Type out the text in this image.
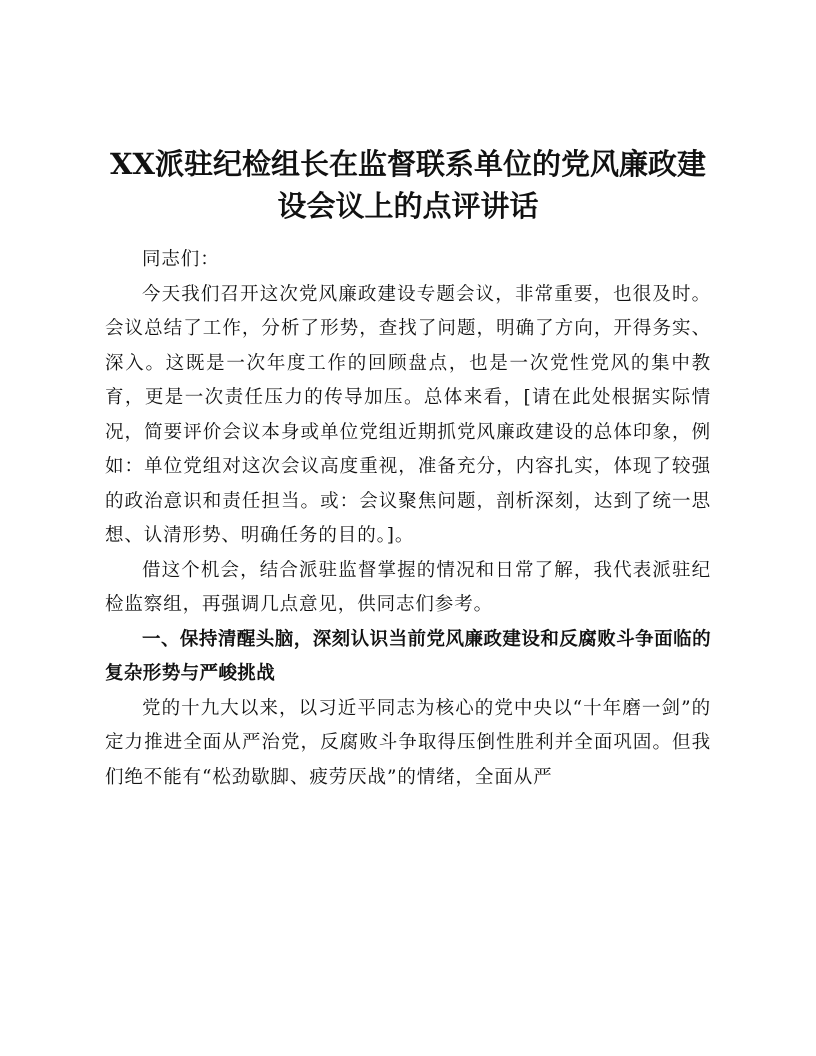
XX派驻纪检组长在监督联系单位的党风廉政建设会议上的点评讲话

同志们：

今天我们召开这次党风廉政建设专题会议，非常重要，也很及时。会议总结了工作，分析了形势，查找了问题，明确了方向，开得务实、深入。这既是一次年度工作的回顾盘点，也是一次党性党风的集中教育，更是一次责任压力的传导加压。总体来看，[请在此处根据实际情况，简要评价会议本身或单位党组近期抓党风廉政建设的总体印象，例如：单位党组对这次会议高度重视，准备充分，内容扎实，体现了较强的政治意识和责任担当。或：会议聚焦问题，剖析深刻，达到了统一思想、认清形势、明确任务的目的。]。

借这个机会，结合派驻监督掌握的情况和日常了解，我代表派驻纪检监察组，再强调几点意见，供同志们参考。

一、保持清醒头脑，深刻认识当前党风廉政建设和反腐败斗争面临的复杂形势与严峻挑战

党的十九大以来，以习近平同志为核心的党中央以“十年磨一剑”的定力推进全面从严治党，反腐败斗争取得压倒性胜利并全面巩固。但我们绝不能有“松劲歇脚、疲劳厌战”的情绪，全面从严
